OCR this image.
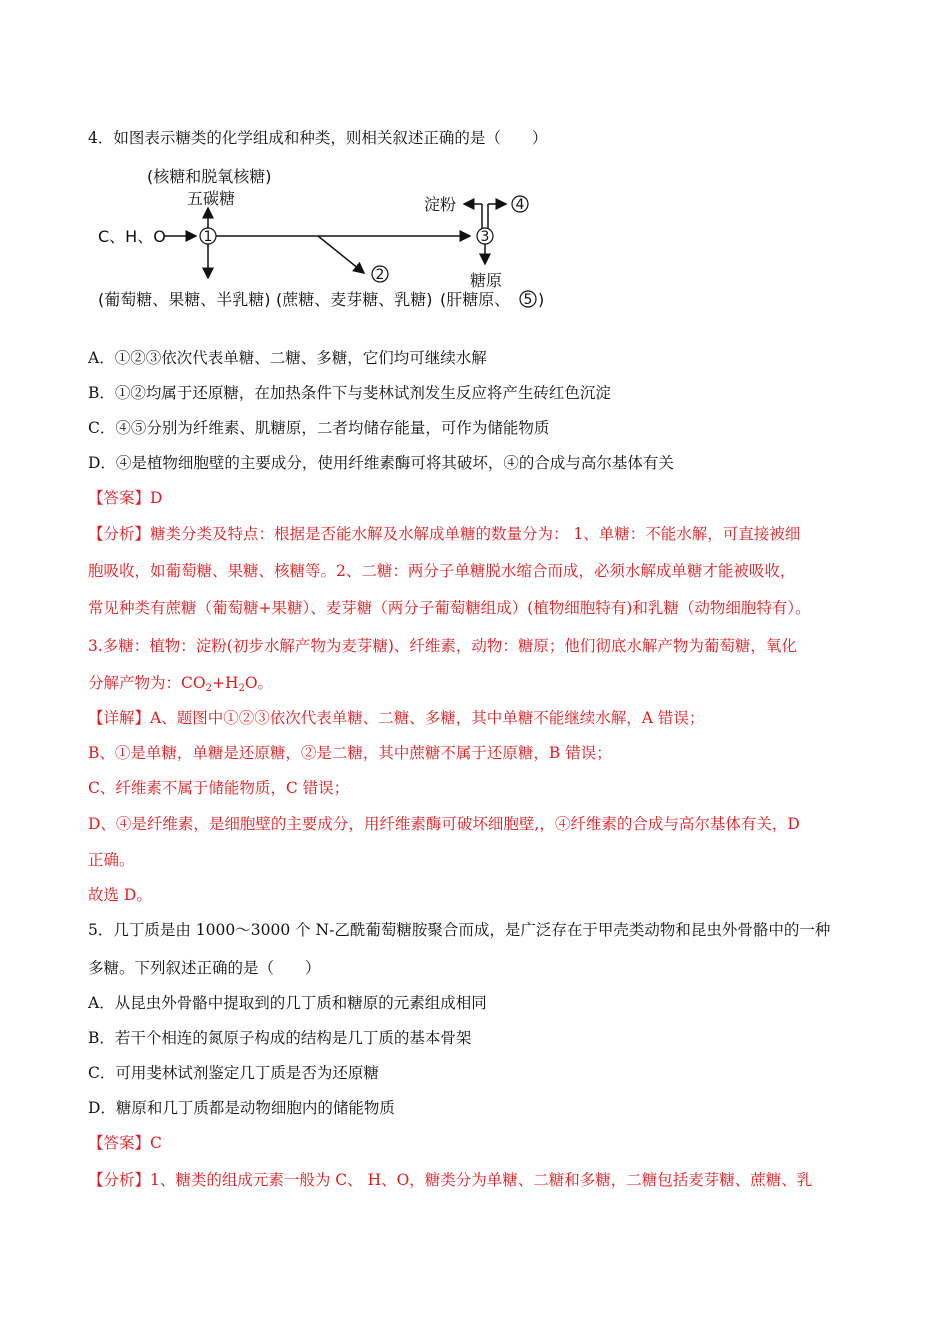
4．如图表示糖类的化学组成和种类，则相关叙述正确的是（　　）
(核糖和脱氧核糖)
五碳糖
C、H、O	1
2
3
淀粉	4
糖原
(葡萄糖、果糖、半乳糖) (蔗糖、麦芽糖、乳糖) (肝糖原、 5 )
A．①②③依次代表单糖、二糖、多糖，它们均可继续水解
B．①②均属于还原糖，在加热条件下与斐林试剂发生反应将产生砖红色沉淀
C．④⑤分别为纤维素、肌糖原，二者均储存能量，可作为储能物质
D．④是植物细胞壁的主要成分，使用纤维素酶可将其破坏，④的合成与高尔基体有关
【答案】D
【分析】糖类分类及特点：根据是否能水解及水解成单糖的数量分为： 1、单糖：不能水解，可直接被细
胞吸收，如葡萄糖、果糖、核糖等。2、二糖：两分子单糖脱水缩合而成，必须水解成单糖才能被吸收，
常见种类有蔗糖（葡萄糖+果糖）、麦芽糖（两分子葡萄糖组成）(植物细胞特有)和乳糖（动物细胞特有）。
3.多糖：植物：淀粉(初步水解产物为麦芽糖)、纤维素，动物：糖原；他们彻底水解产物为葡萄糖，氧化
分解产物为：$CO_2+H_2O$。
【详解】A、题图中①②③依次代表单糖、二糖、多糖，其中单糖不能继续水解，A 错误；
B、①是单糖，单糖是还原糖，②是二糖，其中蔗糖不属于还原糖，B 错误；
C、纤维素不属于储能物质，C 错误；
D、④是纤维素，是细胞壁的主要成分，用纤维素酶可破坏细胞壁,，④纤维素的合成与高尔基体有关，D
正确。
故选 D。
5．几丁质是由 1000～3000 个 N-乙酰葡萄糖胺聚合而成，是广泛存在于甲壳类动物和昆虫外骨骼中的一种
多糖。下列叙述正确的是（　　）
A．从昆虫外骨骼中提取到的几丁质和糖原的元素组成相同
B．若干个相连的氮原子构成的结构是几丁质的基本骨架
C．可用斐林试剂鉴定几丁质是否为还原糖
D．糖原和几丁质都是动物细胞内的储能物质
【答案】C
【分析】1、糖类的组成元素一般为 C、 H、O，糖类分为单糖、二糖和多糖，二糖包括麦芽糖、蔗糖、乳
